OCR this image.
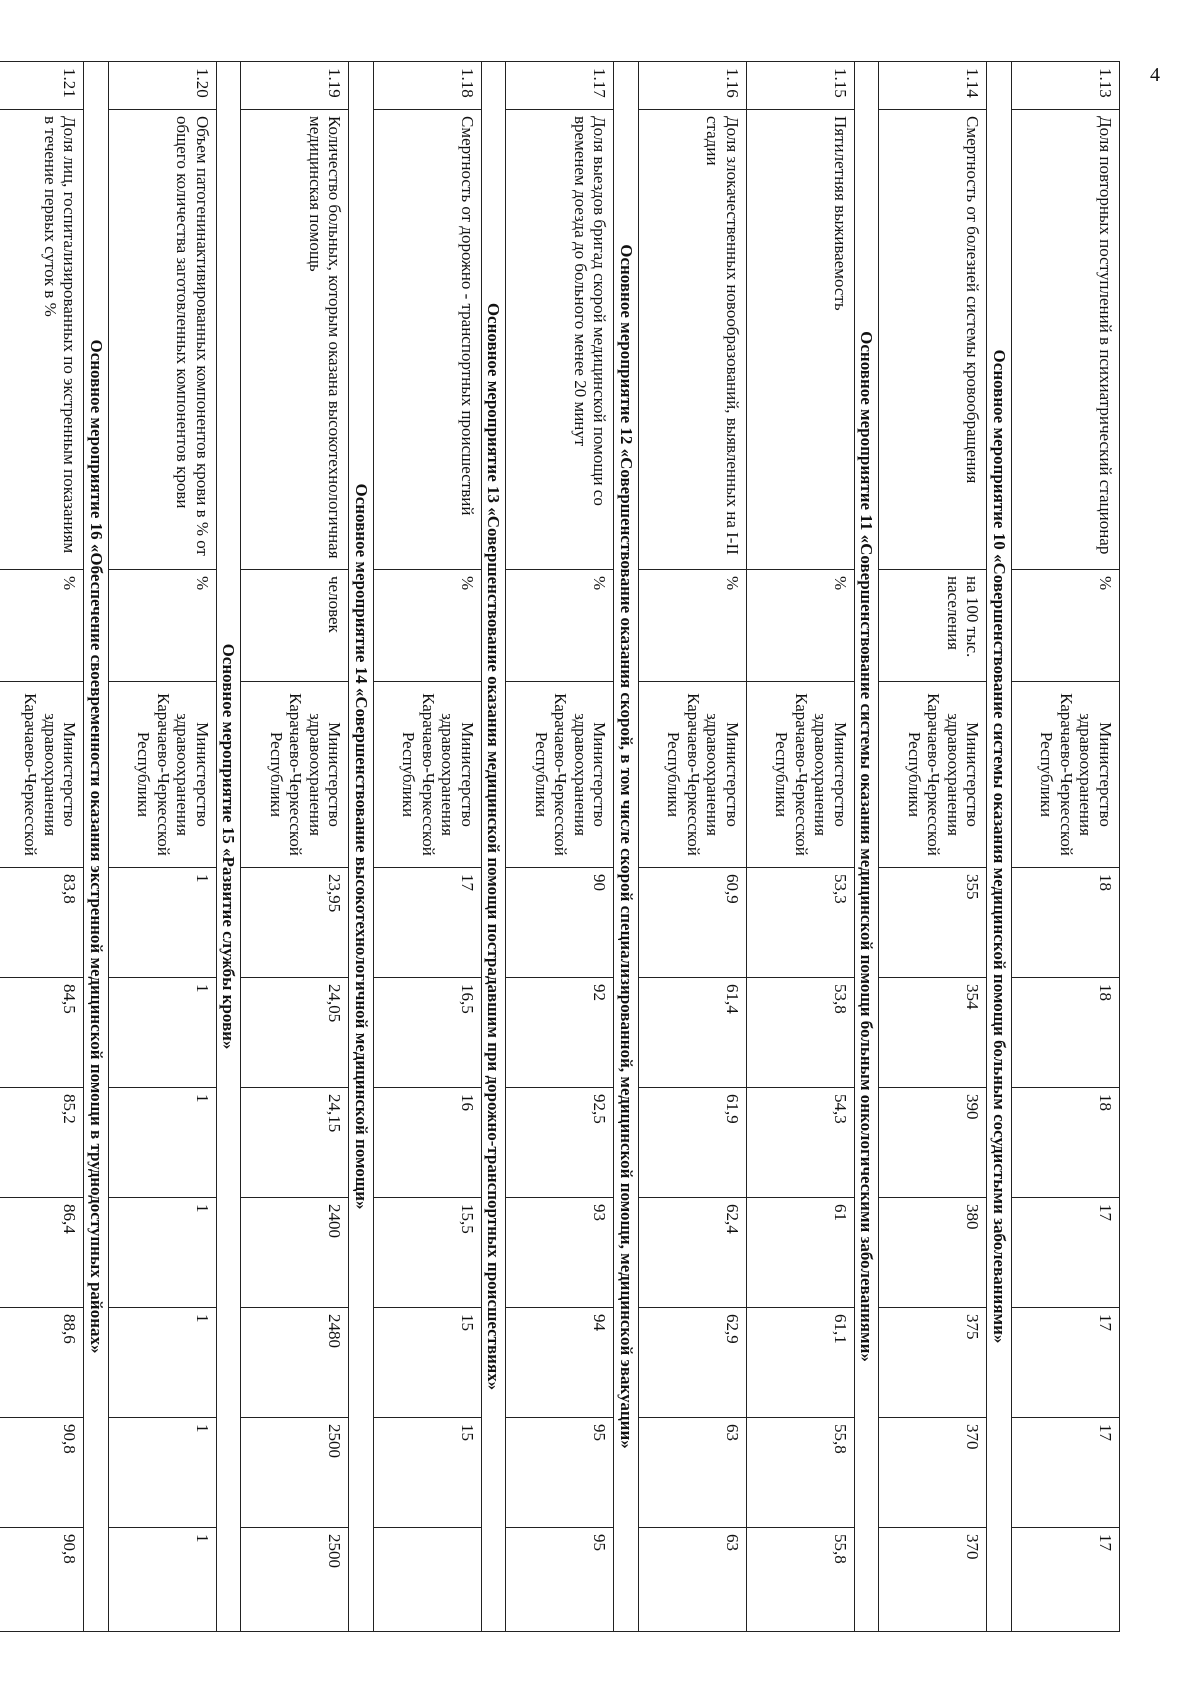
4
1.13	Доля повторных поступлений в психиатрический стационар	%	Министерство здравоохранения Карачаево-Черкесской Республики	18	18	18	17	17	17	17
Основное мероприятие 10 «Совершенствование системы оказания медицинской помощи больным сосудистыми заболеваниями»										
1.14	Смертность от болезней системы кровообращения	на 100 тыс. населения	Министерство здравоохранения Карачаево-Черкесской Республики	355	354	390	380	375	370	370
Основное мероприятие 11 «Совершенствование системы оказания медицинской помощи больным онкологическими заболеваниями»										
1.15	Пятилетняя выживаемость	%	Министерство здравоохранения Карачаево-Черкесской Республики	53,3	53,8	54,3	61	61,1	55,8	55,8
1.16	Доля злокачественных новообразований, выявленных на I-II стадии	%	Министерство здравоохранения Карачаево-Черкесской Республики	60,9	61,4	61,9	62,4	62,9	63	63
Основное мероприятие 12 «Совершенствование оказания скорой, в том числе скорой специализированной, медицинской помощи, медицинской эвакуации»										
1.17	Доля выездов бригад скорой медицинской помощи со временем доезда до больного менее 20 минут	%	Министерство здравоохранения Карачаево-Черкесской Республики	90	92	92,5	93	94	95	95
Основное мероприятие 13 «Совершенствование оказания медицинской помощи пострадавшим при дорожно-транспортных происшествиях»										
1.18	Смертность от дорожно - транспортных происшествий	%	Министерство здравоохранения Карачаево-Черкесской Республики	17	16,5	16	15,5	15	15	
Основное мероприятие 14 «Совершенствование высокотехнологичной медицинской помощи»										
1.19	Количество больных, которым оказана высокотехнологичная медицинская помощь	человек	Министерство здравоохранения Карачаево-Черкесской Республики	23,95	24,05	24,15	2400	2480	2500	2500
Основное мероприятие 15 «Развитие службы крови»										
1.20	Объем патогенинактивированных компонентов крови в % от общего количества заготовленных компонентов крови	%	Министерство здравоохранения Карачаево-Черкесской Республики	1	1	1	1	1	1	1
Основное мероприятие 16 «Обеспечение своевременности оказания экстренной медицинской помощи в труднодоступных районах»										
1.21	Доля лиц, госпитализированных по экстренным показаниям в течение первых суток в %	%	Министерство здравоохранения Карачаево-Черкесской	83,8	84,5	85,2	86,4	88,6	90,8	90,8
